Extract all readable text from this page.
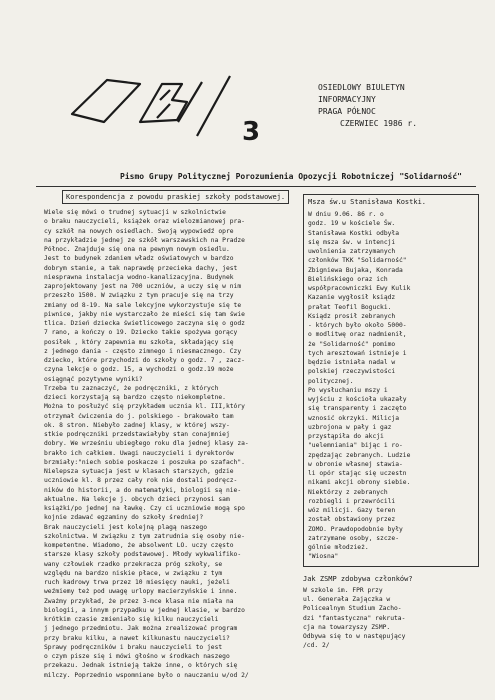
3
OSIEDLOWY BIULETYN
INFORMACYJNY
PRAGA PÓŁNOC
CZERWIEC 1986 r.
Pismo Grupy Politycznej Porozumienia Opozycji Robotniczej "Solidarność"
Korespondencja z powodu praskiej szkoły podstawowej.
Wiele się mówi o trudnej sytuacji w szkolnictwie
o braku nauczycieli, książek oraz wielozmianowej pra-
cy szkół na nowych osiedlach. Swoją wypowiedź opre
na przykładzie jednej ze szkół warszawskich na Pradze
Północ. Znajduje się ona na pewnym nowym osiedlu.
Jest to budynek zdaniem władz oświatowych w bardzo
dobrym stanie, a tak naprawdę przecieka dachy, jest
niesprawna instalacja wodno-kanalizacyjna. Budynek
zaprojektowany jest na 700 uczniów, a uczy się w nim
przeszło 1500. W związku z tym pracuje się na trzy
zmiany od 8-19. Na sale lekcyjne wykorzystuje się te
piwnice, jakby nie wystarczało że mieści się tam świe
tlica. Dzień dziecka świetlicowego zaczyna się o godz
7 rano, a kończy o 19. Dziecko takie spożywa gorący
posiłek , który zapewnia mu szkoła, składający się
z jednego dania - często zimnego i niesmacznego. Czy
dziecko, które przychodzi do szkoły o godz. 7 , zacz-
czyna lekcje o godz. 15, a wychodzi o godz.19 może
osiągnąć pozytywne wyniki?
Trzeba tu zaznaczyć, że podręczniki, z których
dzieci korzystają są bardzo często niekompletne.
Można to posłużyć się przykładem ucznia kl. III,który
otrzymał ćwiczenia do j. polskiego - brakowało tam
ok. 8 stron. Niebyło zadnej klasy, w której wszy-
stkie podręczniki przedstawiałyby stan conajmniej
dobry. We wrześniu ubiegłego roku dla jednej klasy za-
brakło ich całkiem. Uwagi nauczycieli i dyrektorów
brzmiały:"niech sobie poskacze i poszuka po szafach".
Nielepsza sytuacja jest w klasach starszych, gdzie
uczniowie kl. 8 przez cały rok nie dostali podręcz-
ników do historii, a do matematyki, biologii są nie-
aktualne. Na lekcje j. obcych dzieci przynosi sam
książki/po jednej na ławkę. Czy ci uczniowie mogą spo
kojnie zdawać egzaminy do szkoły średniej?
Brak nauczycieli jest kolejną plagą naszego
szkolnictwa. W związku z tym zatrudnia się osoby nie-
kompetentne. Wiadomo, że absolwent LO. uczy często
starsze klasy szkoły podstawowej. Młody wykwalifiko-
wany człowiek rzadko przekracza próg szkoły, se
względu na bardzo niskie płace, w związku z tym
ruch kadrowy trwa przez 10 miesięcy nauki, jeżeli
weźmiemy też pod uwagę urlopy macierzyńskie i inne.
Zważmy przykład, że przez 3-mce klasa nie miała na
biologii, a innym przypadku w jednej klasie, w bardzo
krótkim czasie zmieniało się kilku nauczycieli
j jednego przedmiotu. Jak można zrealizować program
przy braku kilku, a nawet kilkunastu nauczycieli?
Sprawy podręczników i braku nauczycieli to jest
o czym pisze się i mówi głośno w środkach naszego
przekazu. Jednak istnieją także inne, o których się
milczy. Poprzednio wspomniane było o nauczaniu w/od 2/
Msza św.u Stanisława Kostki.
W dniu 9.06. 86 r. o
godz. 19 w kościele Św.
Stanisława Kostki odbyła
się msza św. w intencji
uwolnienia zatrzymanych
członków TKK "Solidarność"
Zbigniewa Bujaka, Konrada
Bielińskiego oraz ich
współpracowniczki Ewy Kulik
Kazanie wygłosił ksiądz
prałat Teofil Bogucki.
Ksiądz prosił zebranych
- których było około 5000-
o modlitwę oraz nadmienił,
że "Solidarność" pomimo
tych aresztowań istnieje i
będzie istniała nadal w
polskiej rzeczywistości
politycznej.
Po wysłuchaniu mszy i
wyjściu z kościoła ukazały
się transparenty i zaczęto
wznosić okrzyki. Milicja
uzbrojona w pały i gaz
przystąpiła do akcji
"uelemniania" bijąc i ro-
zpędzając zebranych. Ludzie
w obronie własnej stawia-
li opór stając się uczestn
nikami akcji obrony siebie.
Niektórzy z zebranych
rozbiegli i przewrócili
wóz milicji. Gazy teren
został obstawiony przez
ZOMO. Prawdopodobnie były
zatrzymane osoby, szcze-
gólnie młodzież.
"Wiosna"
Jak ZSMP zdobywa członków?
W szkole im. FPR przy
ul. Generała Zajączka w
Policealnym Studium Zacho-
dzi "fantastyczna" rekruta-
cja na towarzyszy ZSMP.
Odbywa się to w następujący
/cd. 2/
